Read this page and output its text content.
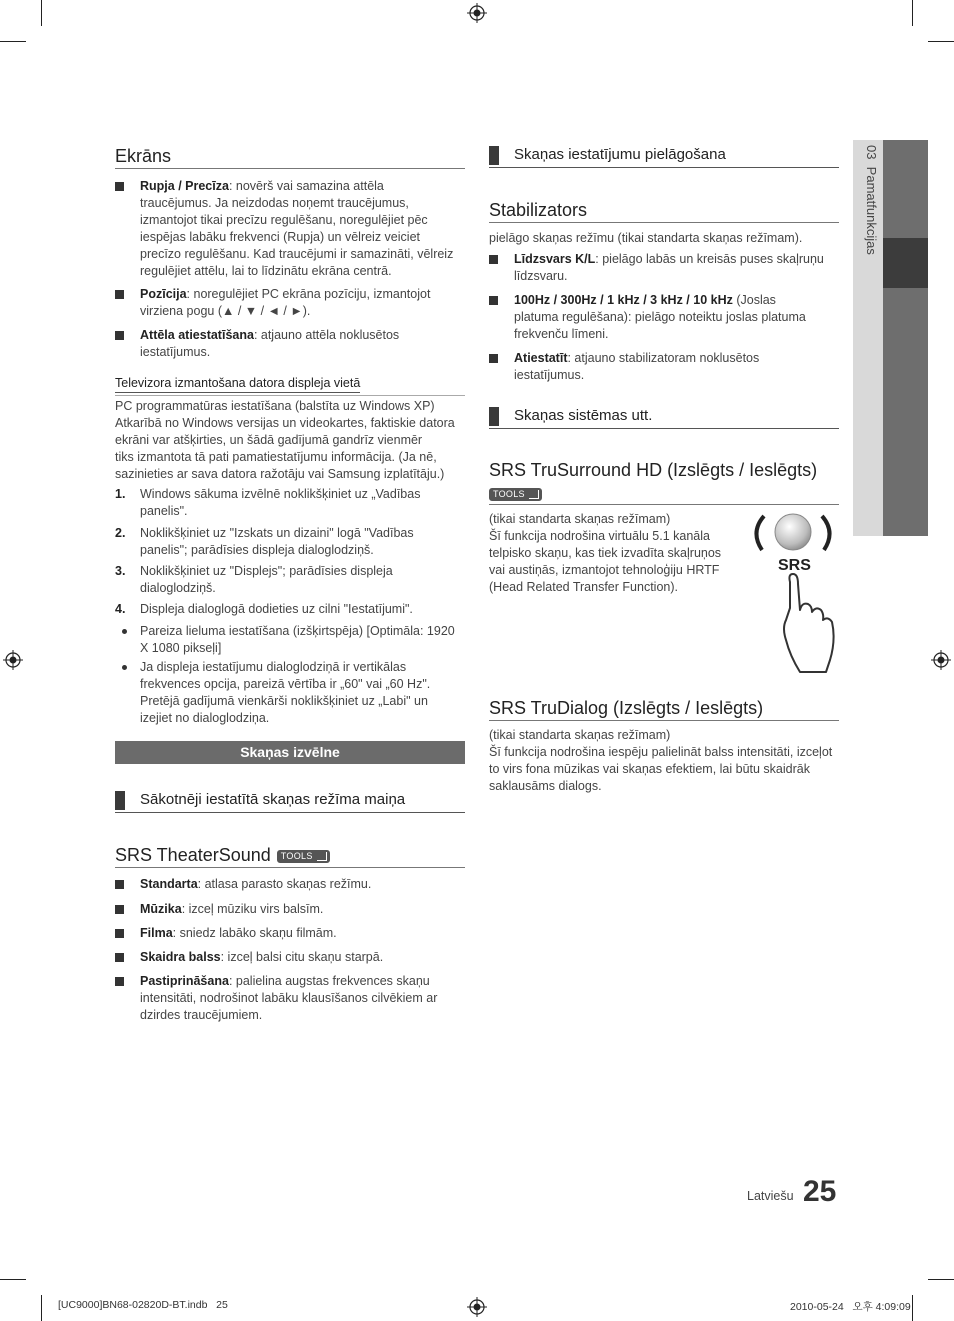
03  Pamatfunkcijas
Ekrāns
Rupja / Precīza: novērš vai samazina attēla
traucējumus. Ja neizdodas noņemt traucējumus,
izmantojot tikai precīzu regulēšanu, noregulējiet pēc
iespējas labāku frekvenci (Rupja) un vēlreiz veiciet
precīzo regulēšanu. Kad traucējumi ir samazināti, vēlreiz
regulējiet attēlu, lai to līdzinātu ekrāna centrā.
Pozīcija: noregulējiet PC ekrāna pozīciju, izmantojot
virziena pogu (▲ / ▼ / ◄ / ►).
Attēla atiestatīšana: atjauno attēla noklusētos
iestatījumus.
Televizora izmantošana datora displeja vietā
PC programmatūras iestatīšana (balstīta uz Windows XP)
Atkarībā no Windows versijas un videokartes, faktiskie datora
ekrāni var atšķirties, un šādā gadījumā gandrīz vienmēr
tiks izmantota tā pati pamatiestatījumu informācija. (Ja nē,
sazinieties ar sava datora ražotāju vai Samsung izplatītāju.)
1. Windows sākuma izvēlnē noklikšķiniet uz „Vadības
panelis".
2. Noklikšķiniet uz "Izskats un dizaini" logā "Vadības
panelis"; parādīsies displeja dialoglodziņš.
3. Noklikšķiniet uz "Displejs"; parādīsies displeja
dialoglodziņš.
4. Displeja dialoglogā dodieties uz cilni "Iestatījumi".
Pareiza lieluma iestatīšana (izšķirtspēja) [Optimāla: 1920
X 1080 pikseļi]
Ja displeja iestatījumu dialoglodziņā ir vertikālas
frekvences opcija, pareizā vērtība ir „60" vai „60 Hz".
Pretējā gadījumā vienkārši noklikšķiniet uz „Labi" un
izejiet no dialoglodziņa.
Skaņas izvēlne
Sākotnēji iestatītā skaņas režīma maiņa
SRS TheaterSound TOOLS
Standarta: atlasa parasto skaņas režīmu.
Mūzika: izceļ mūziku virs balsīm.
Filma: sniedz labāko skaņu filmām.
Skaidra balss: izceļ balsi citu skaņu starpā.
Pastiprināšana: palielina augstas frekvences skaņu
intensitāti, nodrošinot labāku klausīšanos cilvēkiem ar
dzirdes traucējumiem.
Skaņas iestatījumu pielāgošana
Stabilizators
pielāgo skaņas režīmu (tikai standarta skaņas režīmam).
Līdzsvars K/L: pielāgo labās un kreisās puses skaļruņu
līdzsvaru.
100Hz / 300Hz / 1 kHz / 3 kHz / 10 kHz (Joslas
platuma regulēšana): pielāgo noteiktu joslas platuma
frekvenču līmeni.
Atiestatīt: atjauno stabilizatoram noklusētos
iestatījumus.
Skaņas sistēmas utt.
SRS TruSurround HD (Izslēgts / Ieslēgts)
TOOLS
(tikai standarta skaņas režīmam)
Šī funkcija nodrošina virtuālu 5.1 kanāla
telpisko skaņu, kas tiek izvadīta skaļruņos
vai austiņās, izmantojot tehnoloģiju HRTF
(Head Related Transfer Function).
SRS
SRS TruDialog (Izslēgts / Ieslēgts)
(tikai standarta skaņas režīmam)
Šī funkcija nodrošina iespēju palielināt balss intensitāti, izceļot
to virs fona mūzikas vai skaņas efektiem, lai būtu skaidrāk
saklausāms dialogs.
Latviešu 25
[UC9000]BN68-02820D-BT.indb   25	2010-05-24   오후 4:09:09
